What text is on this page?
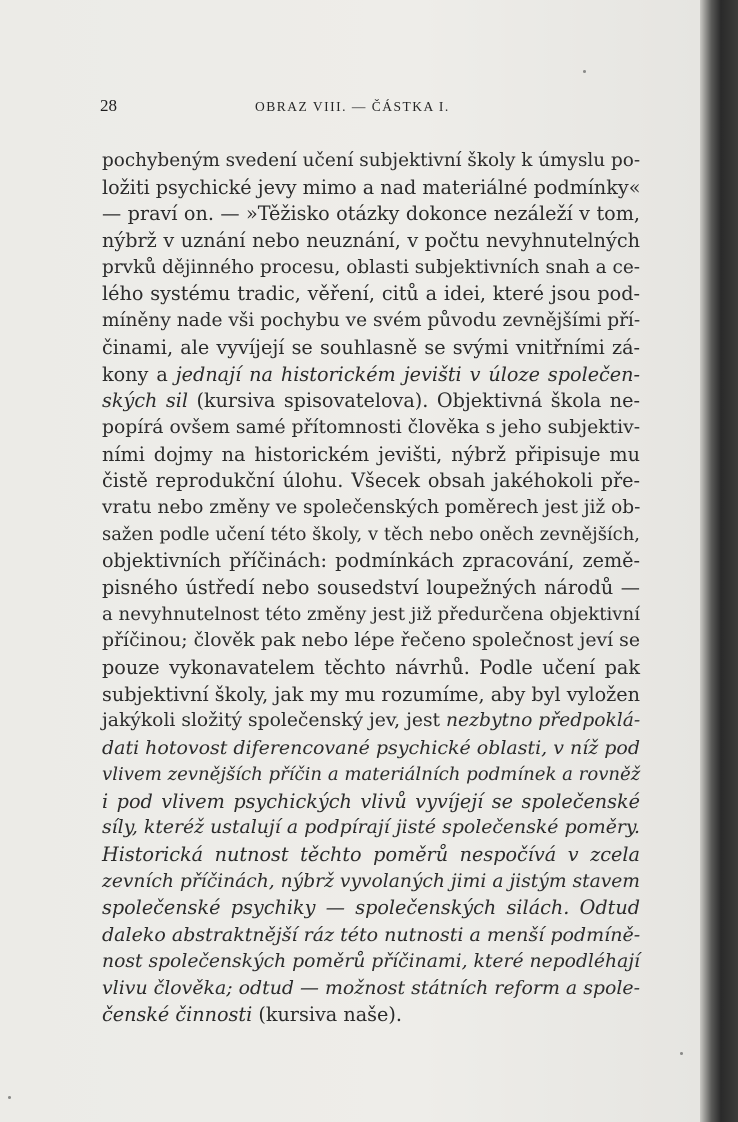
28	OBRAZ VIII. — ČÁSTKA I.
pochybeným svedení učení subjektivní školy k úmyslu po-
ložiti psychické jevy mimo a nad materiálné podmínky«
— praví on. — »Těžisko otázky dokonce nezáleží v tom,
nýbrž v uznání nebo neuznání, v počtu nevyhnutelných
prvků dějinného procesu, oblasti subjektivních snah a ce-
lého systému tradic, věření, citů a idei, které jsou pod-
míněny nade vši pochybu ve svém původu zevnějšími pří-
činami, ale vyvíjejí se souhlasně se svými vnitřními zá-
kony a jednají na historickém jevišti v úloze společen-
ských sil (kursiva spisovatelova). Objektivná škola ne-
popírá ovšem samé přítomnosti člověka s jeho subjektiv-
ními dojmy na historickém jevišti, nýbrž připisuje mu
čistě reprodukční úlohu. Všecek obsah jakéhokoli pře-
vratu nebo změny ve společenských poměrech jest již ob-
sažen podle učení této školy, v těch nebo oněch zevnějších,
objektivních příčinách: podmínkách zpracování, země-
pisného ústředí nebo sousedství loupežných národů —
a nevyhnutelnost této změny jest již předurčena objektivní
příčinou; člověk pak nebo lépe řečeno společnost jeví se
pouze vykonavatelem těchto návrhů. Podle učení pak
subjektivní školy, jak my mu rozumíme, aby byl vyložen
jakýkoli složitý společenský jev, jest nezbytno předpoklá-
dati hotovost diferencované psychické oblasti, v níž pod
vlivem zevnějších příčin a materiálních podmínek a rovněž
i pod vlivem psychických vlivů vyvíjejí se společenské
síly, kteréž ustalují a podpírají jisté společenské poměry.
Historická nutnost těchto poměrů nespočívá v zcela
zevních příčinách, nýbrž vyvolaných jimi a jistým stavem
společenské psychiky — společenských silách. Odtud
daleko abstraktnější ráz této nutnosti a menší podmíně-
nost společenských poměrů příčinami, které nepodléhají
vlivu člověka; odtud — možnost státních reform a spole-
čenské činnosti (kursiva naše).
